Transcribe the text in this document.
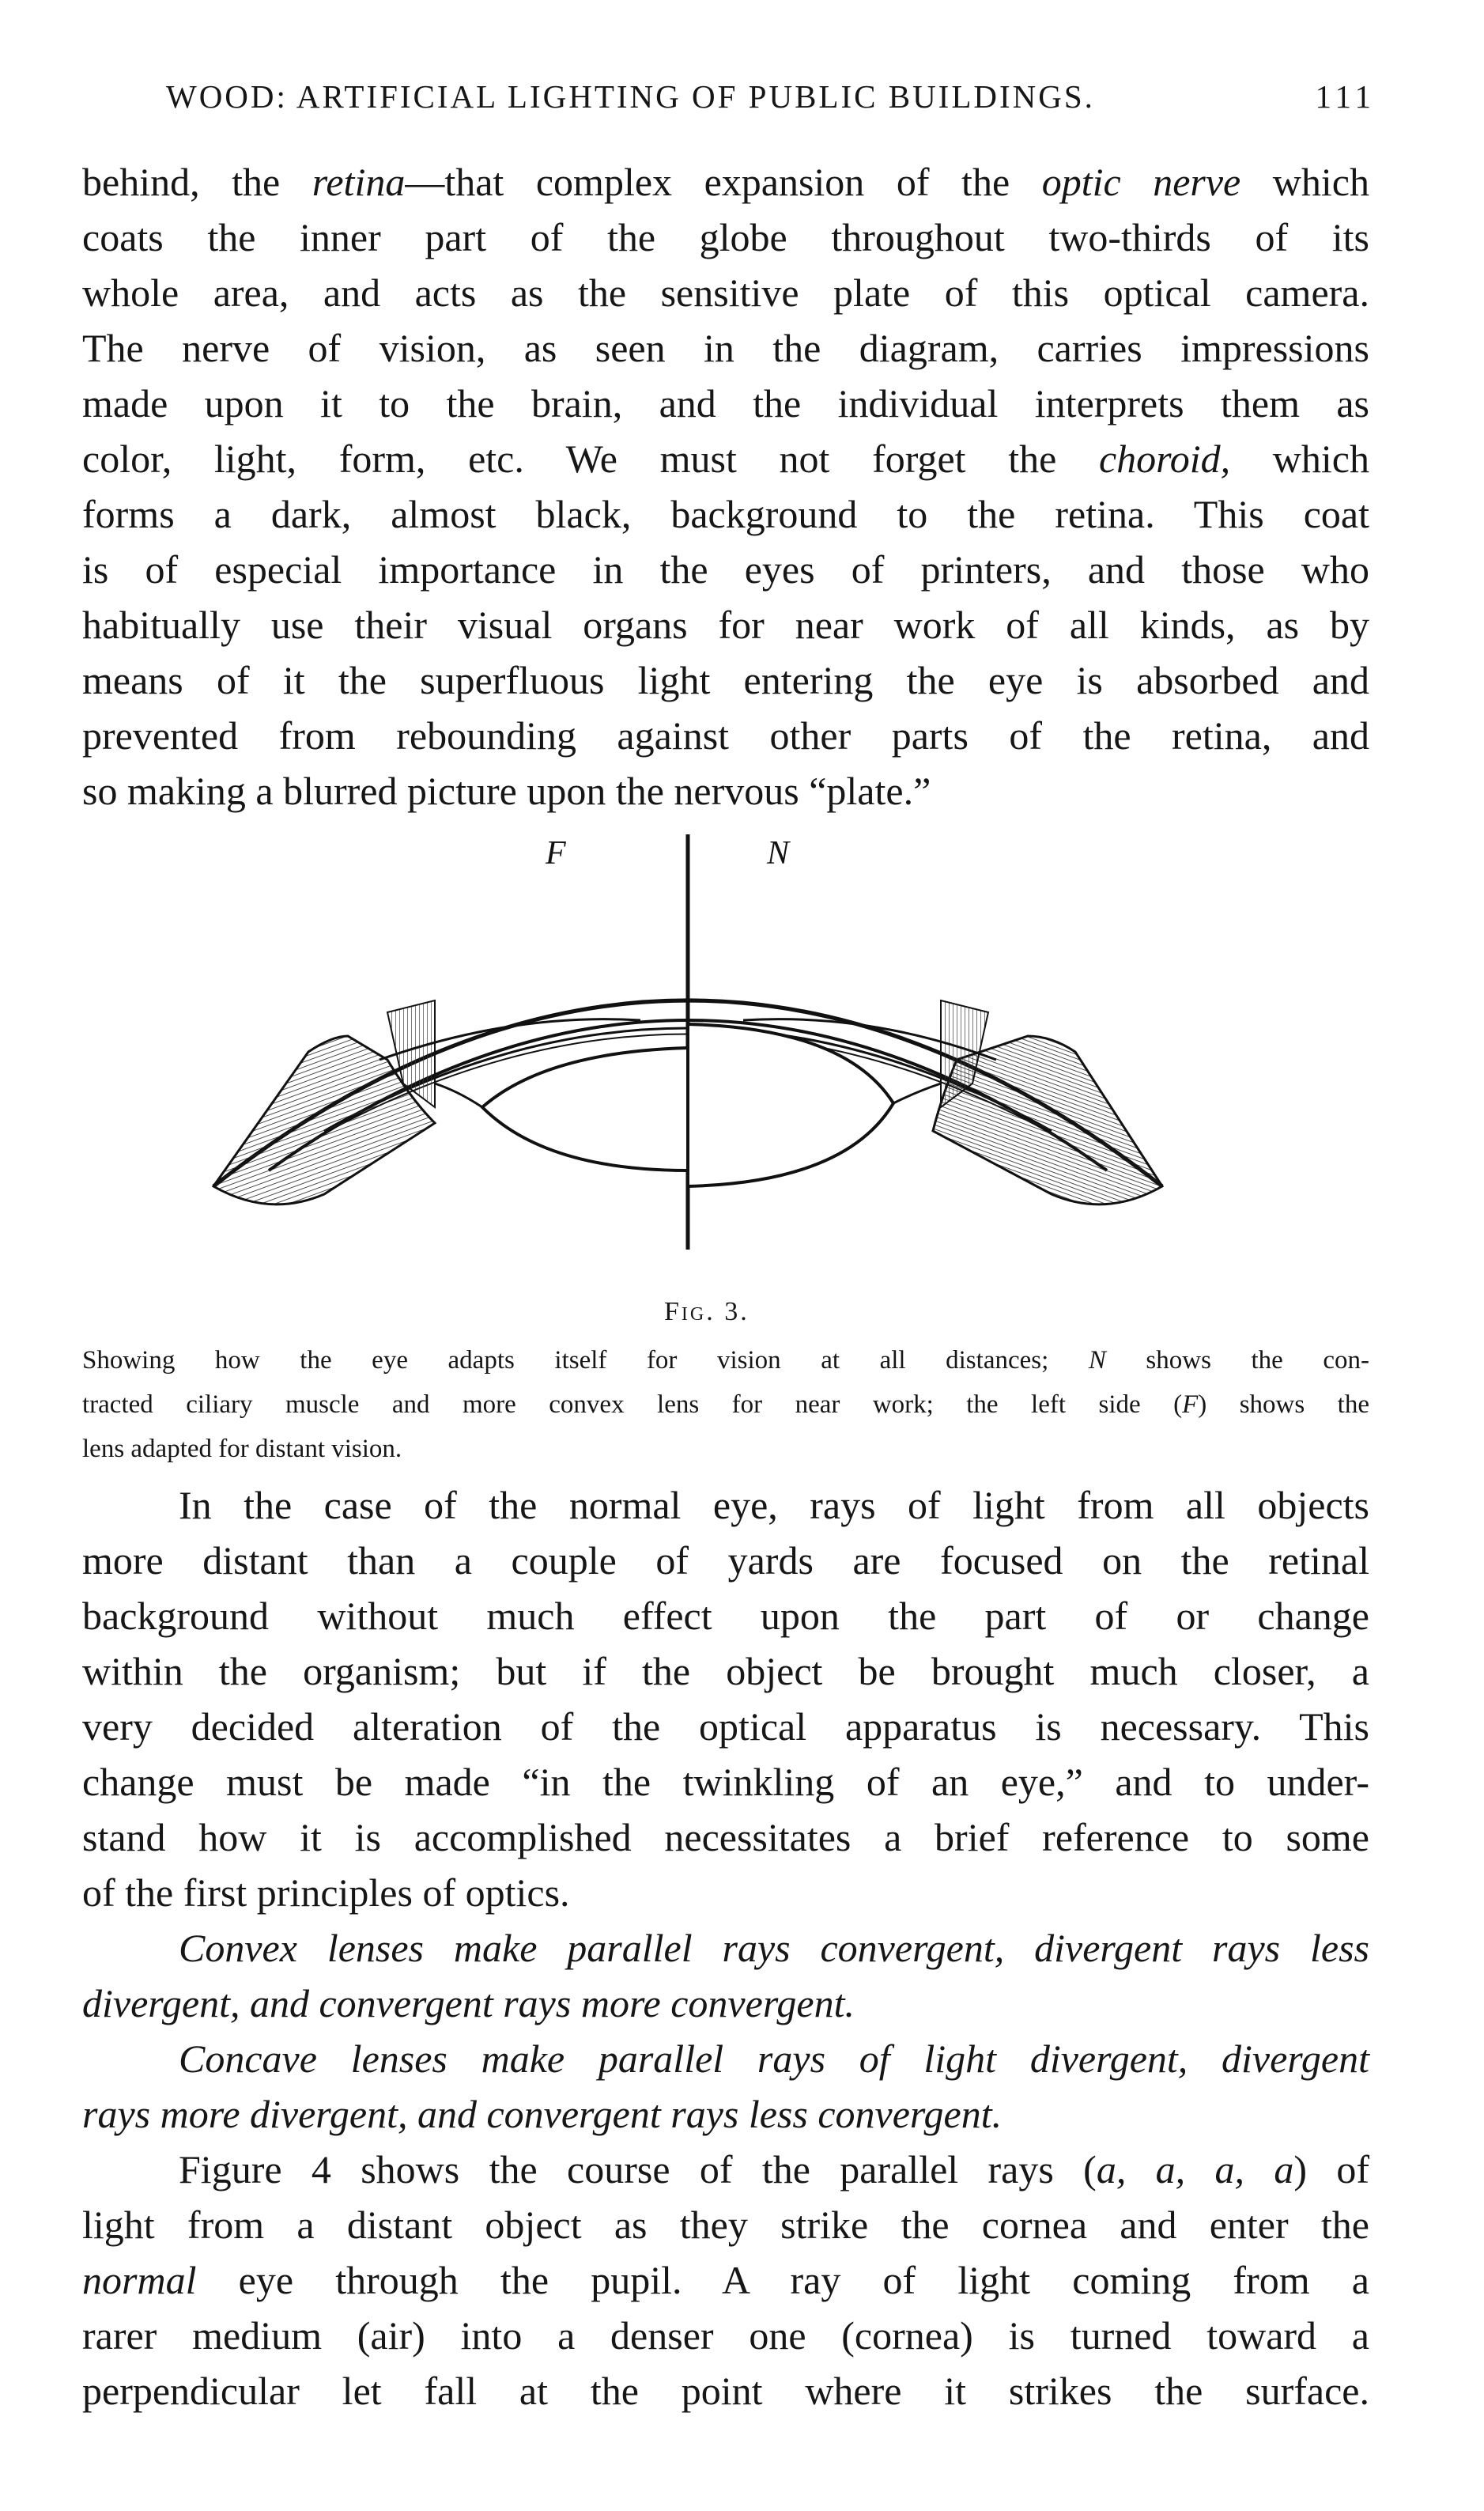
WOOD: ARTIFICIAL LIGHTING OF PUBLIC BUILDINGS.	111
behind, the retina—that complex expansion of the optic nerve which
coats the inner part of the globe throughout two-thirds of its
whole area, and acts as the sensitive plate of this optical camera.
The nerve of vision, as seen in the diagram, carries impressions
made upon it to the brain, and the individual interprets them as
color, light, form, etc. We must not forget the choroid, which
forms a dark, almost black, background to the retina. This coat
is of especial importance in the eyes of printers, and those who
habitually use their visual organs for near work of all kinds, as by
means of it the superfluous light entering the eye is absorbed and
prevented from rebounding against other parts of the retina, and
so making a blurred picture upon the nervous “plate.”
F	N
Fig. 3.
Showing how the eye adapts itself for vision at all distances; N shows the con-
tracted ciliary muscle and more convex lens for near work; the left side (F) shows the
lens adapted for distant vision.
In the case of the normal eye, rays of light from all objects
more distant than a couple of yards are focused on the retinal
background without much effect upon the part of or change
within the organism; but if the object be brought much closer, a
very decided alteration of the optical apparatus is necessary. This
change must be made “in the twinkling of an eye,” and to under-
stand how it is accomplished necessitates a brief reference to some
of the first principles of optics.
Convex lenses make parallel rays convergent, divergent rays less
divergent, and convergent rays more convergent.
Concave lenses make parallel rays of light divergent, divergent
rays more divergent, and convergent rays less convergent.
Figure 4 shows the course of the parallel rays (a, a, a, a) of
light from a distant object as they strike the cornea and enter the
normal eye through the pupil. A ray of light coming from a
rarer medium (air) into a denser one (cornea) is turned toward a
perpendicular let fall at the point where it strikes the surface.
